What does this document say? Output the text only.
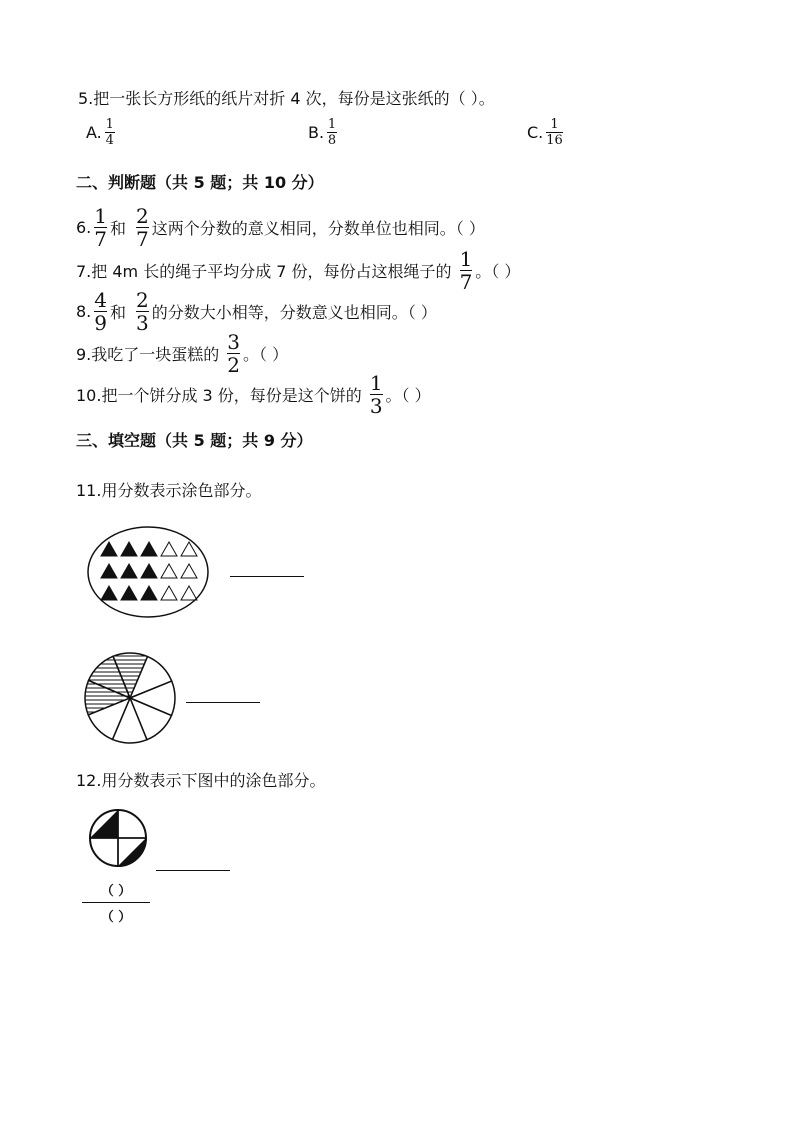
5.把一张长方形纸的纸片对折 4 次，每份是这张纸的（ ）。
A. $\frac{1}{4}$	B. $\frac{1}{8}$	C. $\frac{1}{16}$
二、判断题（共 5 题；共 10 分）
6. $\frac{1}{7}$ 和 $\frac{2}{7}$ 这两个分数的意义相同，分数单位也相同。（ ）
7.把 4m 长的绳子平均分成 7 份，每份占这根绳子的 $\frac{1}{7}$ 。（ ）
8. $\frac{4}{9}$ 和 $\frac{2}{3}$ 的分数大小相等，分数意义也相同。（ ）
9.我吃了一块蛋糕的 $\frac{3}{2}$ 。（ ）
10.把一个饼分成 3 份，每份是这个饼的 $\frac{1}{3}$ 。（ ）
三、填空题（共 5 题；共 9 分）
11.用分数表示涂色部分。
12.用分数表示下图中的涂色部分。
（ ）
（ ）
